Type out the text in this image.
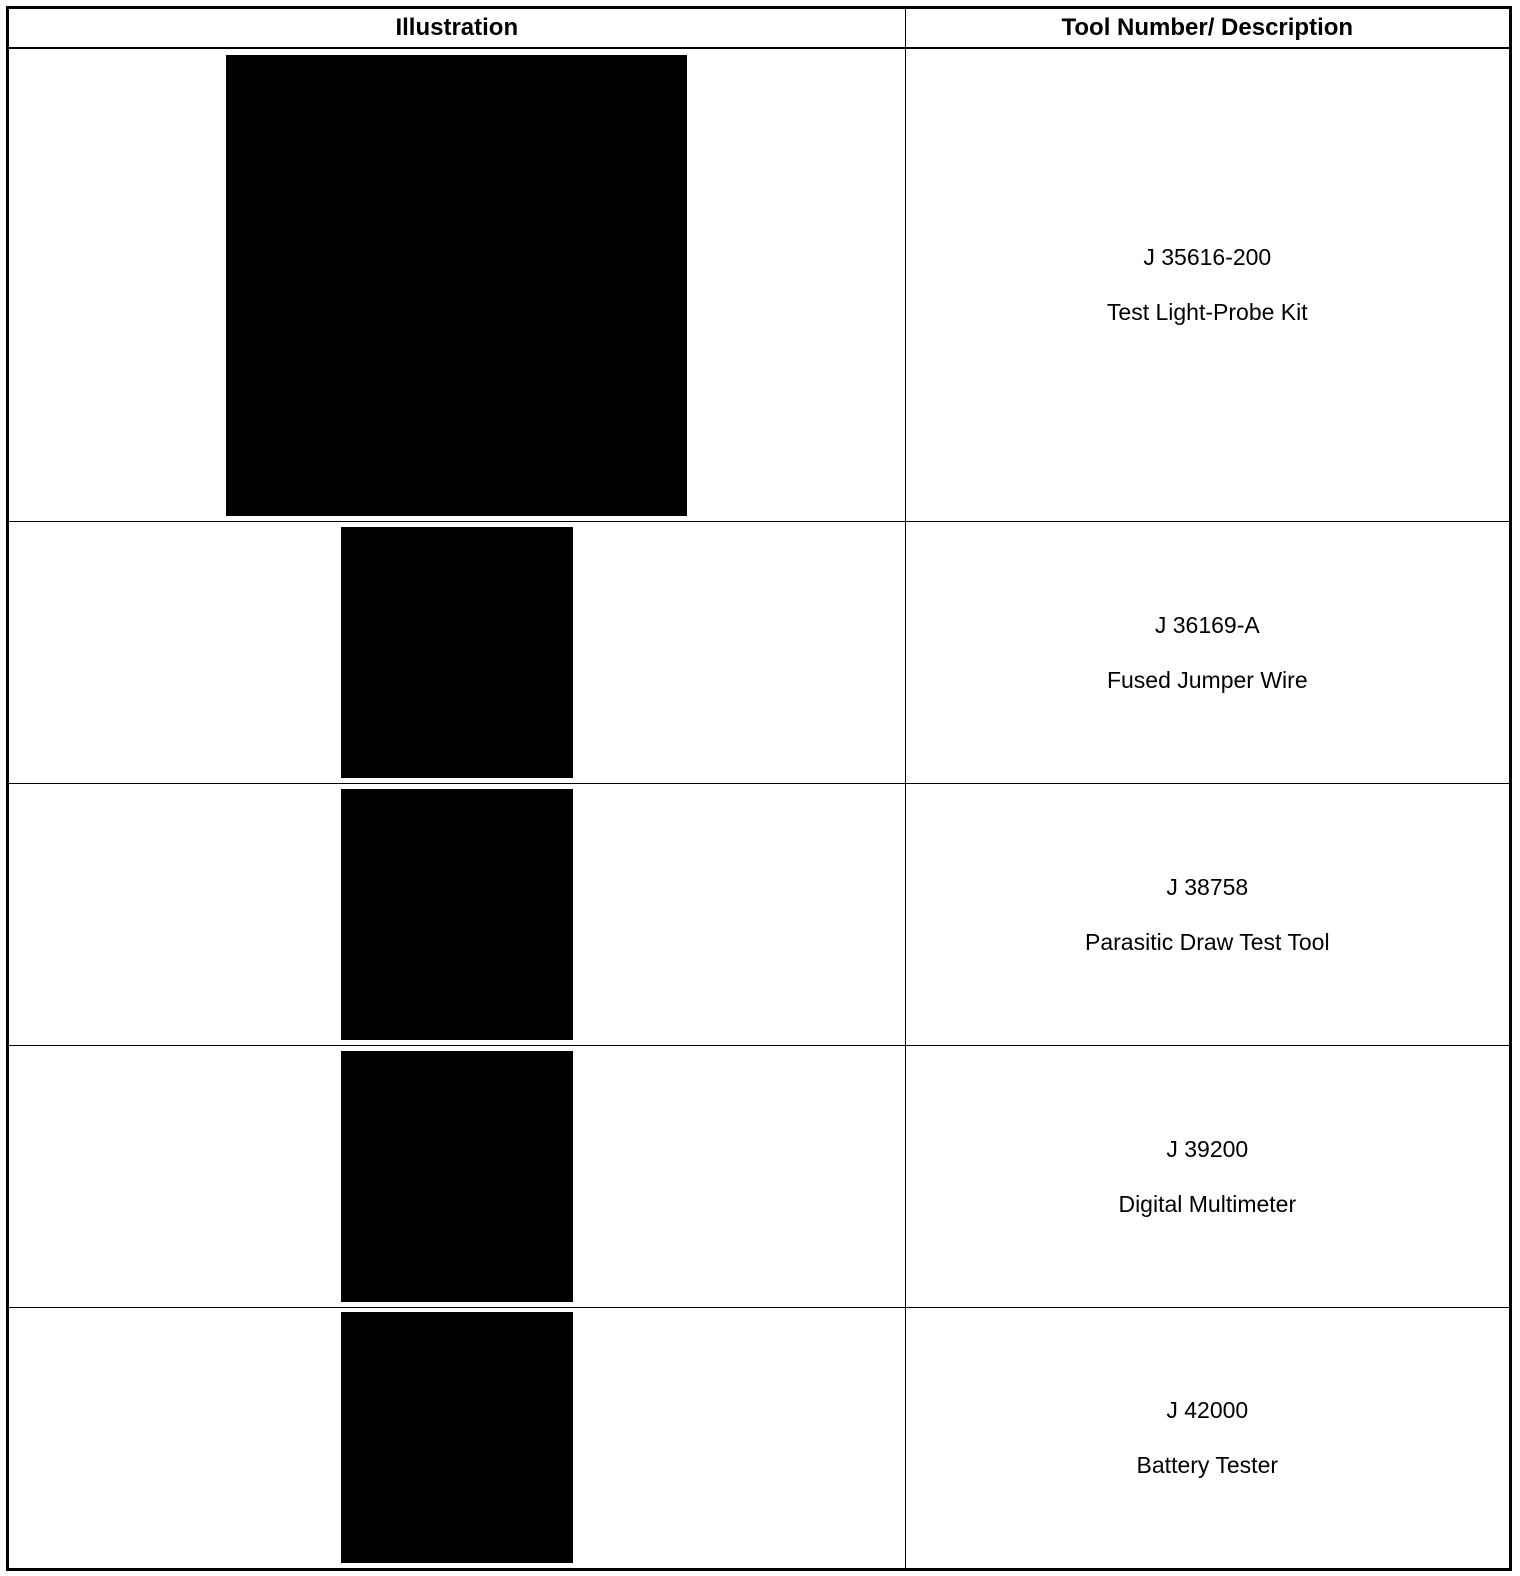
Illustration	Tool Number/ Description

	J 35616-200
Test Light-Probe Kit

	J 36169-A
Fused Jumper Wire

	J 38758
Parasitic Draw Test Tool

	J 39200
Digital Multimeter

	J 42000
Battery Tester
